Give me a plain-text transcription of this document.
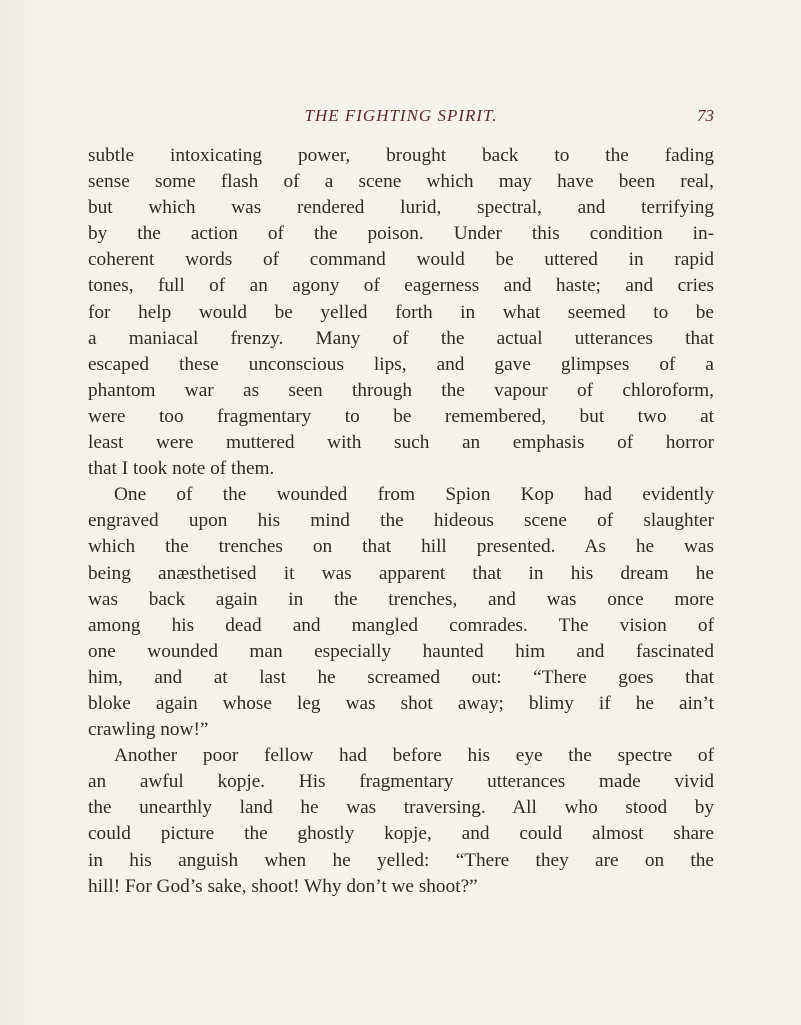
THE FIGHTING SPIRIT.	73
subtle intoxicating power, brought back to the fading
sense some flash of a scene which may have been real,
but which was rendered lurid, spectral, and terrifying
by the action of the poison. Under this condition in-
coherent words of command would be uttered in rapid
tones, full of an agony of eagerness and haste; and cries
for help would be yelled forth in what seemed to be
a maniacal frenzy. Many of the actual utterances that
escaped these unconscious lips, and gave glimpses of a
phantom war as seen through the vapour of chloroform,
were too fragmentary to be remembered, but two at
least were muttered with such an emphasis of horror
that I took note of them.
One of the wounded from Spion Kop had evidently
engraved upon his mind the hideous scene of slaughter
which the trenches on that hill presented. As he was
being anæsthetised it was apparent that in his dream he
was back again in the trenches, and was once more
among his dead and mangled comrades. The vision of
one wounded man especially haunted him and fascinated
him, and at last he screamed out: “There goes that
bloke again whose leg was shot away; blimy if he ain’t
crawling now!”
Another poor fellow had before his eye the spectre of
an awful kopje. His fragmentary utterances made vivid
the unearthly land he was traversing. All who stood by
could picture the ghostly kopje, and could almost share
in his anguish when he yelled: “There they are on the
hill! For God’s sake, shoot! Why don’t we shoot?”
